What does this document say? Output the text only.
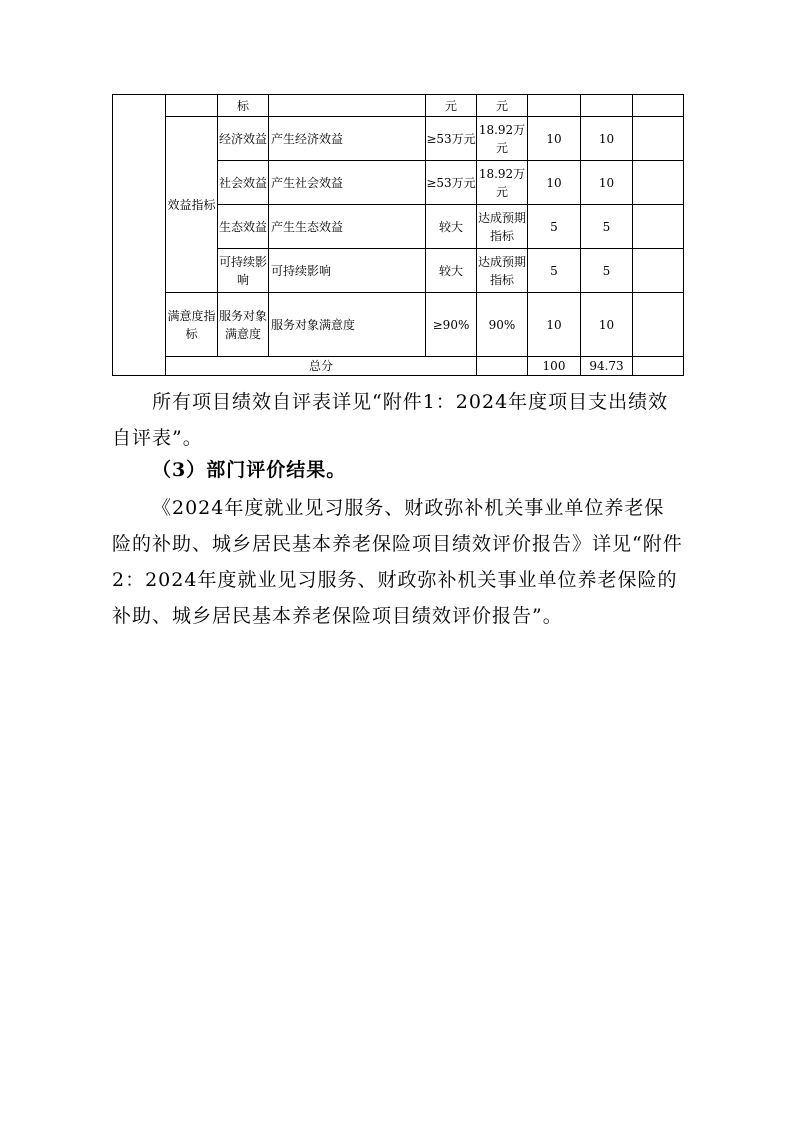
		标		元	元			
	效益指标	经济效益	产生经济效益	≥53万元	18.92万元	10	10	
		社会效益	产生社会效益	≥53万元	18.92万元	10	10	
		生态效益	产生生态效益	较大	达成预期指标	5	5	
		可持续影响	可持续影响	较大	达成预期指标	5	5	
	满意度指标	服务对象满意度	服务对象满意度	≥90%	90%	10	10	
	总分					100	94.73	

所有项目绩效自评表详见“附件1：2024年度项目支出绩效自评表”。

（3）部门评价结果。

《2024年度就业见习服务、财政弥补机关事业单位养老保险的补助、城乡居民基本养老保险项目绩效评价报告》详见“附件2：2024年度就业见习服务、财政弥补机关事业单位养老保险的补助、城乡居民基本养老保险项目绩效评价报告”。
